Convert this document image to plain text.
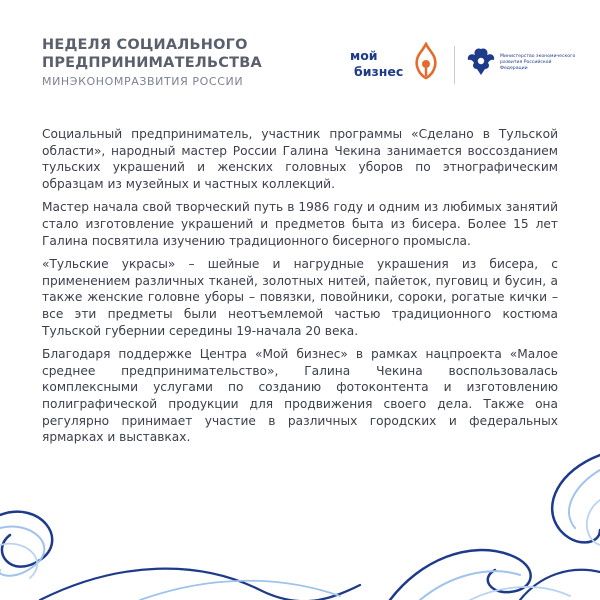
НЕДЕЛЯ СОЦИАЛЬНОГО
ПРЕДПРИНИМАТЕЛЬСТВА
МИНЭКОНОМРАЗВИТИЯ РОССИИ
мой
бизнес
Министерство экономического развития Российской Федерации

Социальный предприниматель, участник программы «Сделано в Тульской области», народный мастер России Галина Чекина занимается воссозданием тульских украшений и женских головных уборов по этнографическим образцам из музейных и частных коллекций.

Мастер начала свой творческий путь в 1986 году и одним из любимых занятий стало изготовление украшений и предметов быта из бисера. Более 15 лет Галина посвятила изучению традиционного бисерного промысла.

«Тульские украсы» – шейные и нагрудные украшения из бисера, с применением различных тканей, золотных нитей, пайеток, пуговиц и бусин, а также женские головне уборы – повязки, повойники, сороки, рогатые кички – все эти предметы были неотъемлемой частью традиционного костюма Тульской губернии середины 19-начала 20 века.

Благодаря поддержке Центра «Мой бизнес» в рамках нацпроекта «Малое среднее предпринимательство», Галина Чекина воспользовалась комплексными услугами по созданию фотоконтента и изготовлению полиграфической продукции для продвижения своего дела. Также она регулярно принимает участие в различных городских и федеральных ярмарках и выставках.
